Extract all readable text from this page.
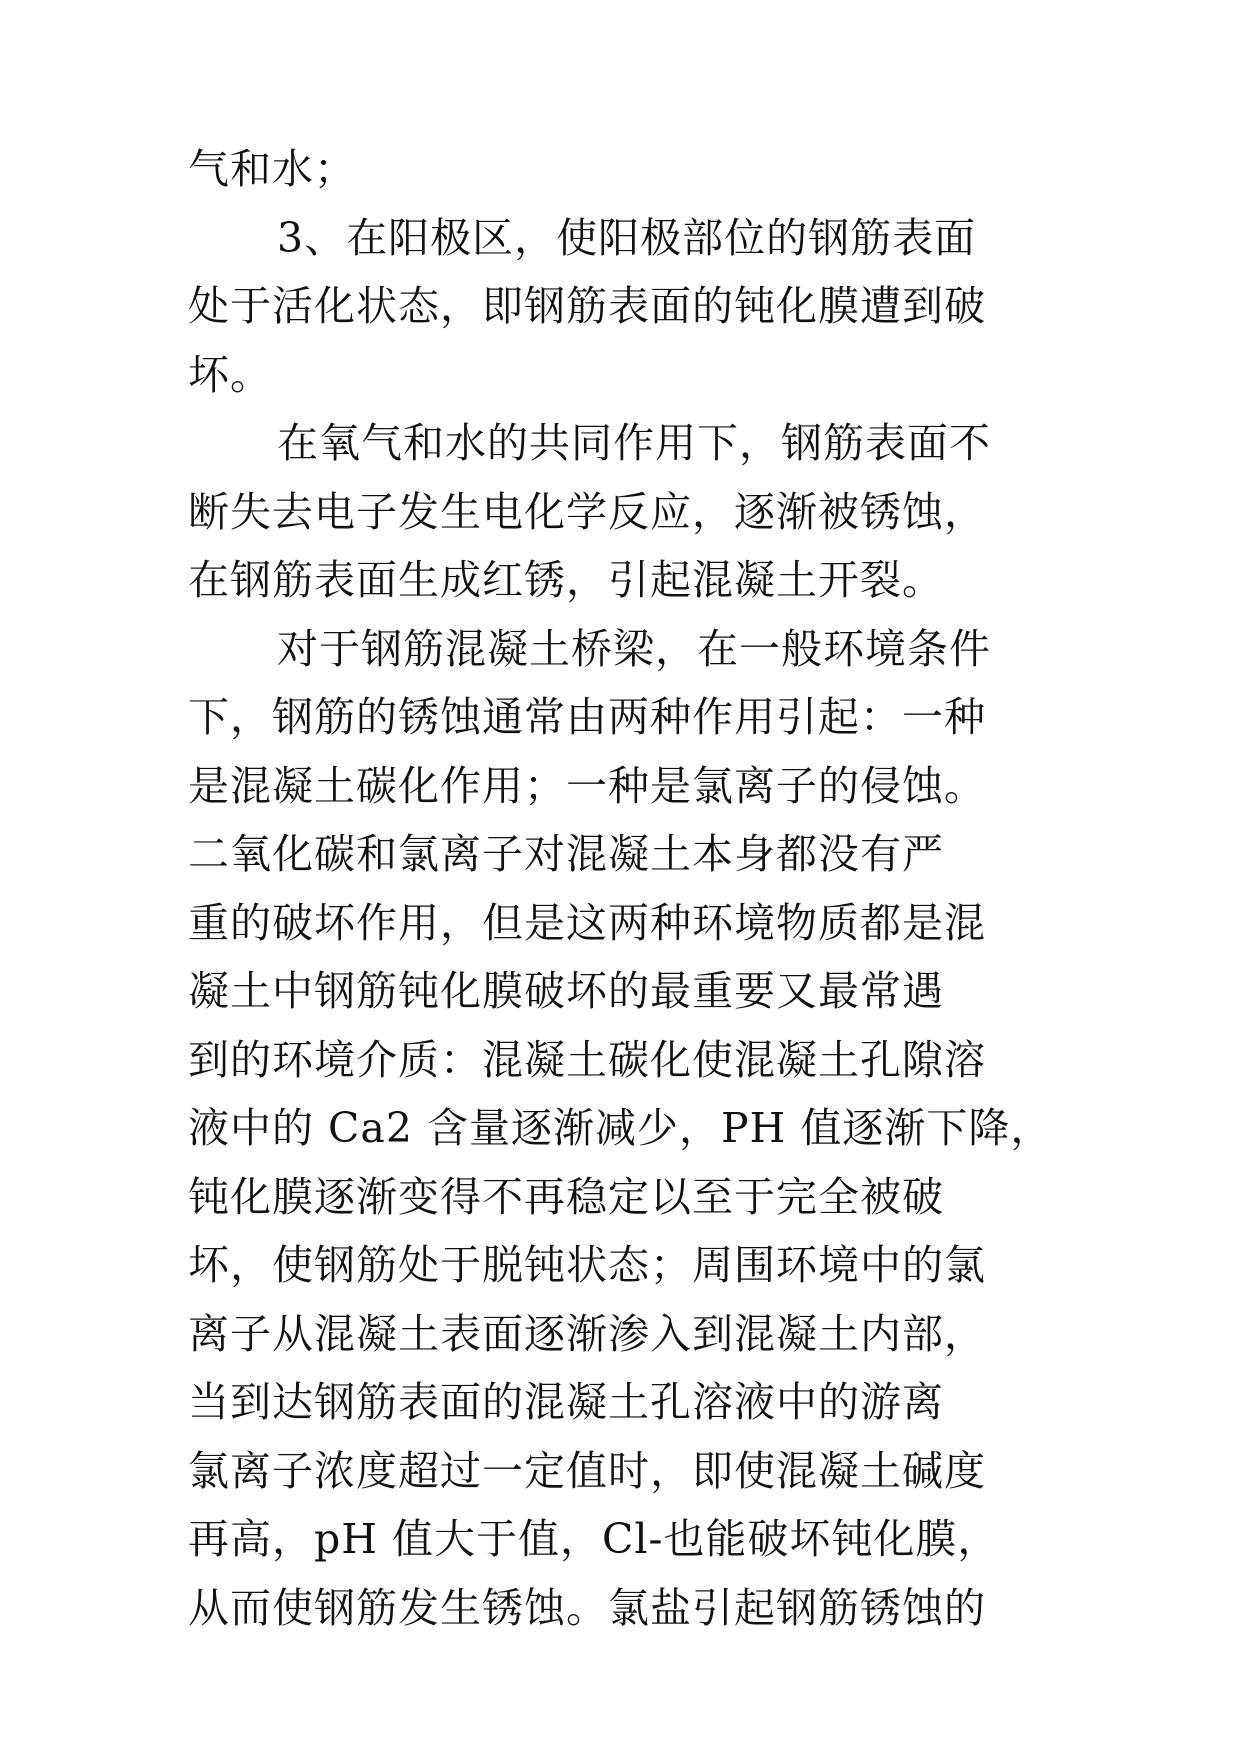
气和水；
3、在阳极区，使阳极部位的钢筋表面
处于活化状态，即钢筋表面的钝化膜遭到破
坏。
在氧气和水的共同作用下，钢筋表面不
断失去电子发生电化学反应，逐渐被锈蚀，
在钢筋表面生成红锈，引起混凝土开裂。
对于钢筋混凝土桥梁，在一般环境条件
下，钢筋的锈蚀通常由两种作用引起：一种
是混凝土碳化作用；一种是氯离子的侵蚀。
二氧化碳和氯离子对混凝土本身都没有严
重的破坏作用，但是这两种环境物质都是混
凝土中钢筋钝化膜破坏的最重要又最常遇
到的环境介质：混凝土碳化使混凝土孔隙溶
液中的 Ca2 含量逐渐减少，PH 值逐渐下降，
钝化膜逐渐变得不再稳定以至于完全被破
坏，使钢筋处于脱钝状态；周围环境中的氯
离子从混凝土表面逐渐渗入到混凝土内部，
当到达钢筋表面的混凝土孔溶液中的游离
氯离子浓度超过一定值时，即使混凝土碱度
再高，pH 值大于值，Cl-也能破坏钝化膜，
从而使钢筋发生锈蚀。氯盐引起钢筋锈蚀的
